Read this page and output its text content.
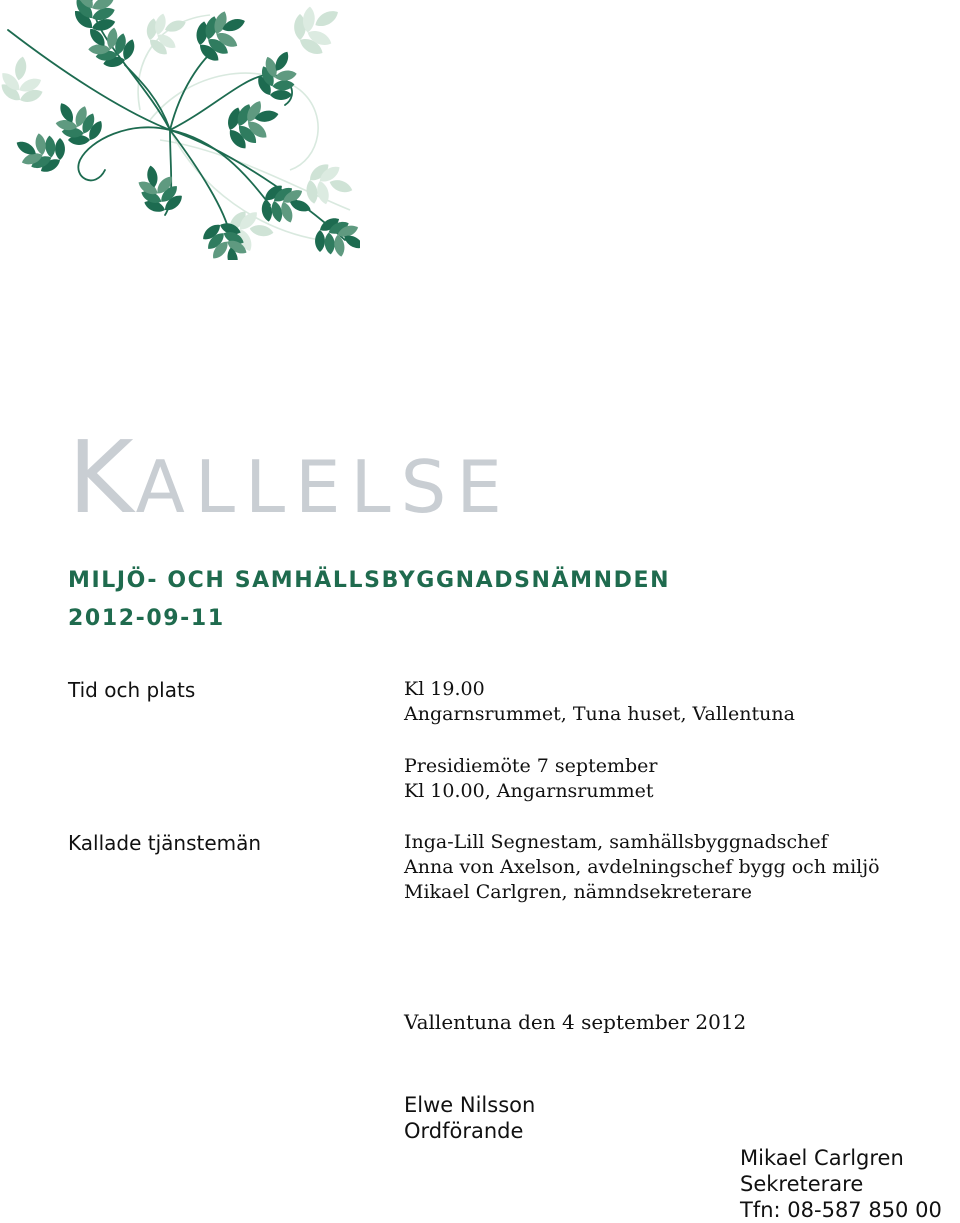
KALLELSE
MILJÖ- OCH SAMHÄLLSBYGGNADSNÄMNDEN
2012-09-11
Tid och plats	Kl 19.00
Angarnsrummet, Tuna huset, Vallentuna
Presidiemöte 7 september
Kl 10.00, Angarnsrummet
Kallade tjänstemän	Inga-Lill Segnestam, samhällsbyggnadschef
Anna von Axelson, avdelningschef bygg och miljö
Mikael Carlgren, nämndsekreterare
Vallentuna den 4 september 2012
Elwe Nilsson
Ordförande
Mikael Carlgren
Sekreterare
Tfn: 08-587 850 00
